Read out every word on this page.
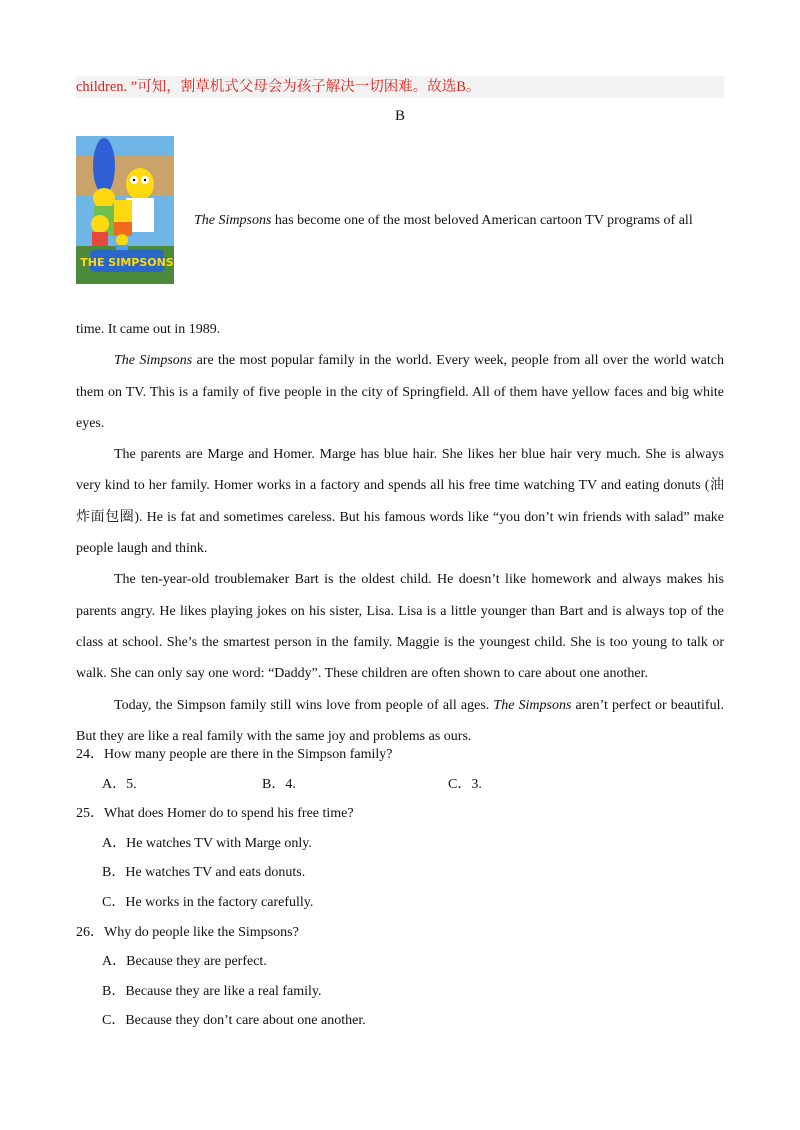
children. ”可知，割草机式父母会为孩子解决一切困难。故选B。
B
THE SIMPSONS
The Simpsons has become one of the most beloved American cartoon TV programs of all

time. It came out in 1989.

The Simpsons are the most popular family in the world. Every week, people from all over the world watch them on TV. This is a family of five people in the city of Springfield. All of them have yellow faces and big white eyes.

The parents are Marge and Homer. Marge has blue hair. She likes her blue hair very much. She is always very kind to her family. Homer works in a factory and spends all his free time watching TV and eating donuts (油炸面包圈). He is fat and sometimes careless. But his famous words like “you don’t win friends with salad” make people laugh and think.

The ten-year-old troublemaker Bart is the oldest child. He doesn’t like homework and always makes his parents angry. He likes playing jokes on his sister, Lisa. Lisa is a little younger than Bart and is always top of the class at school. She’s the smartest person in the family. Maggie is the youngest child. She is too young to talk or walk. She can only say one word: “Daddy”. These children are often shown to care about one another.

Today, the Simpson family still wins love from people of all ages. The Simpsons aren’t perfect or beautiful. But they are like a real family with the same joy and problems as ours.

24．How many people are there in the Simpson family?

A．5.	B．4.	C．3.

25．What does Homer do to spend his free time?

A．He watches TV with Marge only.

B．He watches TV and eats donuts.

C．He works in the factory carefully.

26．Why do people like the Simpsons?

A．Because they are perfect.

B．Because they are like a real family.

C．Because they don’t care about one another.
